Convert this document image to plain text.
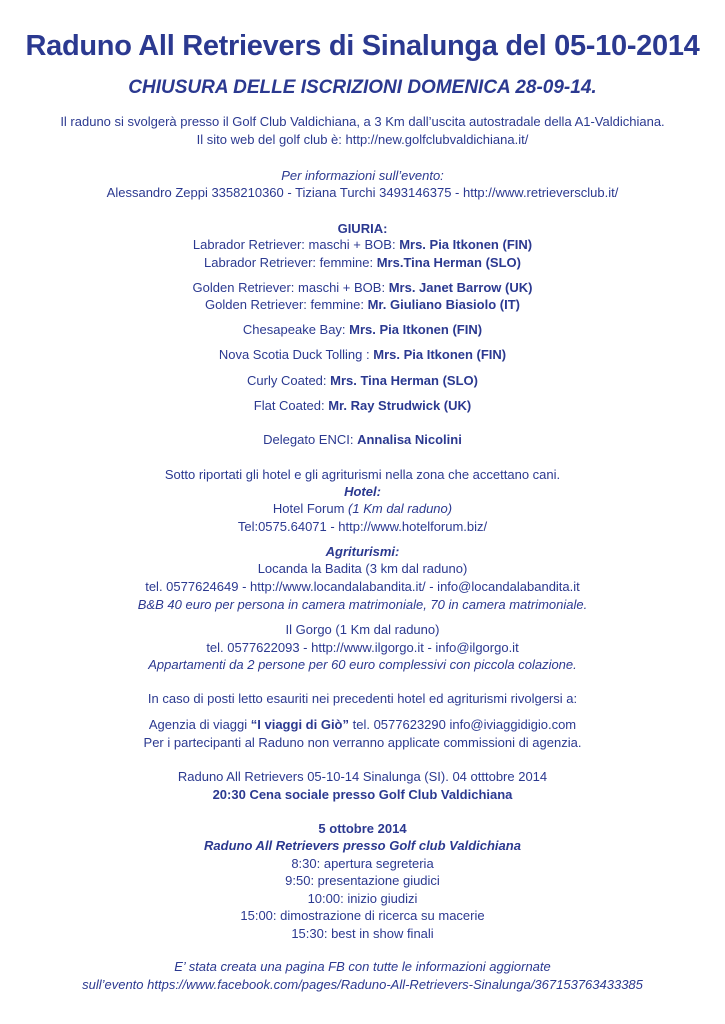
Raduno All Retrievers di Sinalunga del 05-10-2014
CHIUSURA DELLE ISCRIZIONI DOMENICA 28-09-14.
Il raduno si svolgerà presso il Golf Club Valdichiana, a 3 Km dall’uscita autostradale della A1-Valdichiana.
Il sito web del golf club è: http://new.golfclubvaldichiana.it/
Per informazioni sull’evento:
Alessandro Zeppi 3358210360 - Tiziana Turchi 3493146375 - http://www.retrieversclub.it/
GIURIA:
Labrador Retriever: maschi + BOB: Mrs. Pia Itkonen (FIN)
Labrador Retriever: femmine: Mrs.Tina Herman (SLO)
Golden Retriever: maschi + BOB: Mrs. Janet Barrow (UK)
Golden Retriever: femmine: Mr. Giuliano Biasiolo (IT)
Chesapeake Bay: Mrs. Pia Itkonen (FIN)
Nova Scotia Duck Tolling : Mrs. Pia Itkonen (FIN)
Curly Coated: Mrs. Tina Herman (SLO)
Flat Coated: Mr. Ray Strudwick (UK)
Delegato ENCI: Annalisa Nicolini
Sotto riportati gli hotel e gli agriturismi nella zona che accettano cani.
Hotel:
Hotel Forum (1 Km dal raduno)
Tel:0575.64071 - http://www.hotelforum.biz/
Agriturismi:
Locanda la Badita (3 km dal raduno)
tel. 0577624649 - http://www.locandalabandita.it/ - info@locandalabandita.it
B&B 40 euro per persona in camera matrimoniale, 70 in camera matrimoniale.
Il Gorgo (1 Km dal raduno)
tel. 0577622093 - http://www.ilgorgo.it - info@ilgorgo.it
Appartamenti da 2 persone per 60 euro complessivi con piccola colazione.
In caso di posti letto esauriti nei precedenti hotel ed agriturismi rivolgersi a:
Agenzia di viaggi “I viaggi di Giò” tel. 0577623290 info@iviaggidigio.com
Per i partecipanti al Raduno non verranno applicate commissioni di agenzia.
Raduno All Retrievers 05-10-14 Sinalunga (SI). 04 otttobre 2014
20:30 Cena sociale presso Golf Club Valdichiana
5 ottobre 2014
Raduno All Retrievers presso Golf club Valdichiana
8:30: apertura segreteria
9:50: presentazione giudici
10:00: inizio giudizi
15:00: dimostrazione di ricerca su macerie
15:30: best in show finali
E’ stata creata una pagina FB con tutte le informazioni aggiornate
sull’evento https://www.facebook.com/pages/Raduno-All-Retrievers-Sinalunga/367153763433385
